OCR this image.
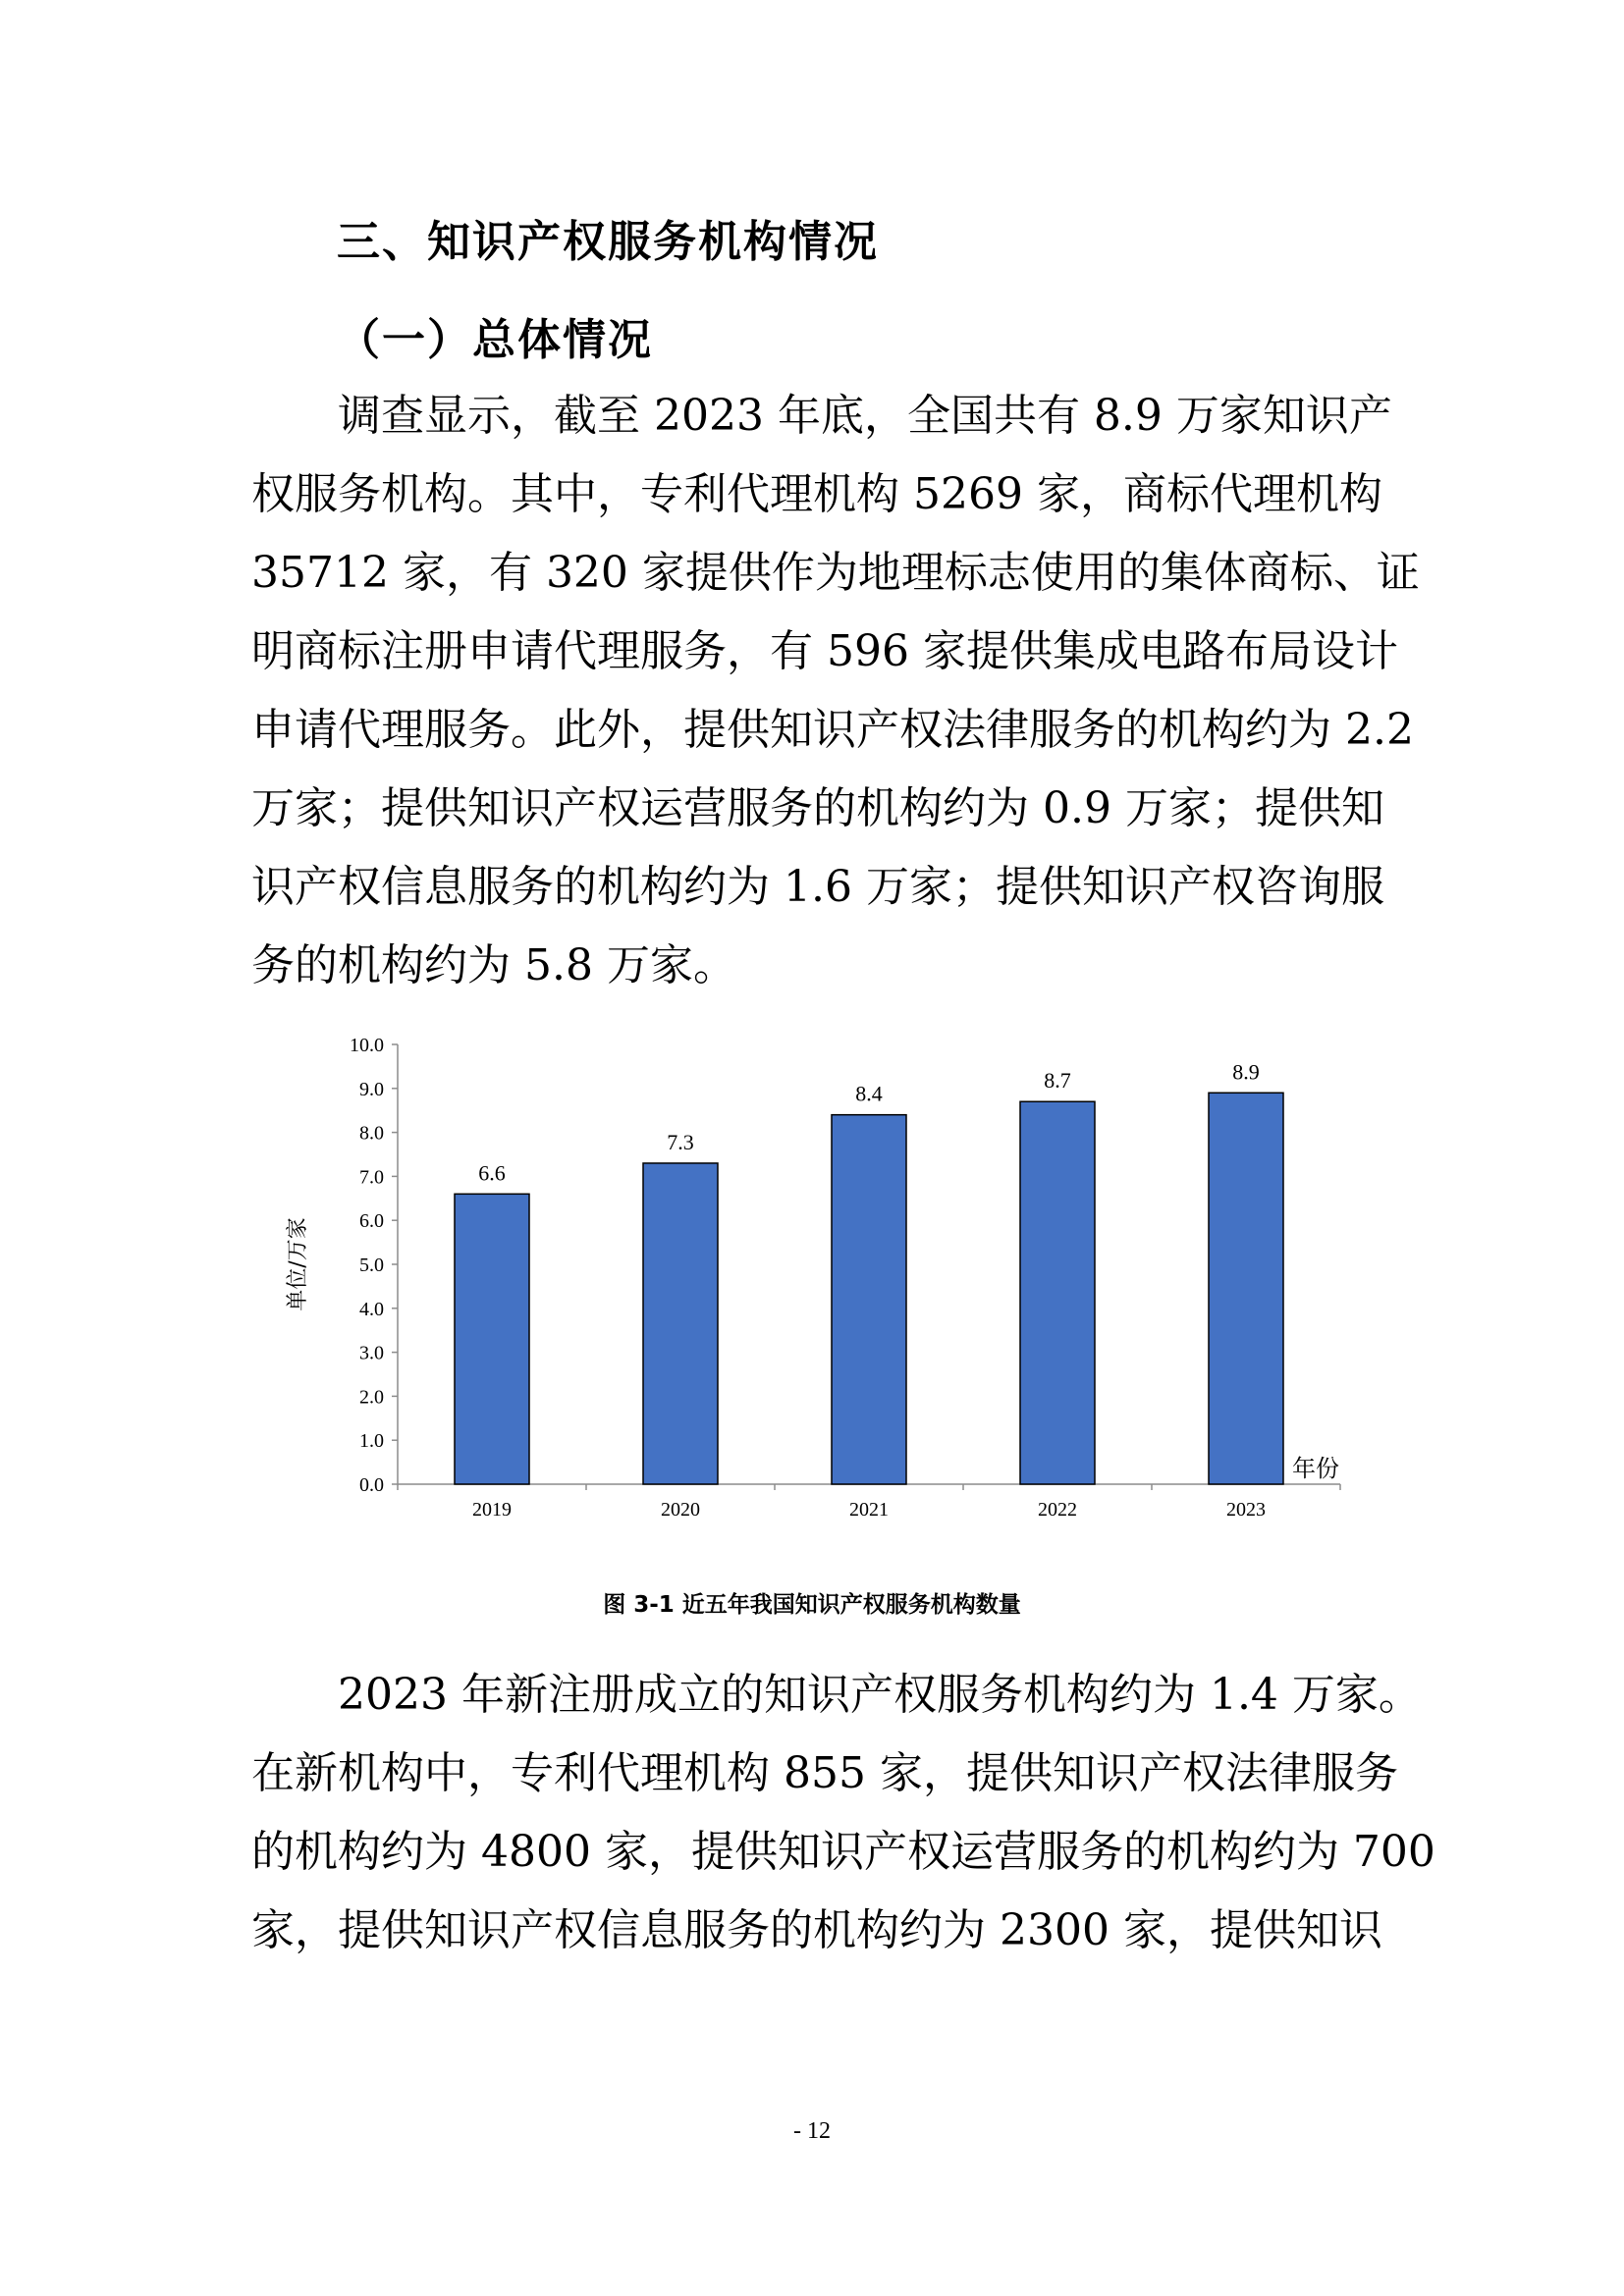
三、知识产权服务机构情况
（一）总体情况
调查显示，截至 2023 年底，全国共有 8.9 万家知识产
权服务机构。其中，专利代理机构 5269 家，商标代理机构
35712 家，有 320 家提供作为地理标志使用的集体商标、证
明商标注册申请代理服务，有 596 家提供集成电路布局设计
申请代理服务。此外，提供知识产权法律服务的机构约为 2.2
万家；提供知识产权运营服务的机构约为 0.9 万家；提供知
识产权信息服务的机构约为 1.6 万家；提供知识产权咨询服
务的机构约为 5.8 万家。
0.0
1.0
2.0
3.0
4.0
5.0
6.0
7.0
8.0
9.0
10.0
6.6
2019
7.3
2020
8.4
2021
8.7
2022
8.9
2023
单位/万家
年份
图 3-1 近五年我国知识产权服务机构数量
2023 年新注册成立的知识产权服务机构约为 1.4 万家。
在新机构中，专利代理机构 855 家，提供知识产权法律服务
的机构约为 4800 家，提供知识产权运营服务的机构约为 700
家，提供知识产权信息服务的机构约为 2300 家，提供知识
- 12
